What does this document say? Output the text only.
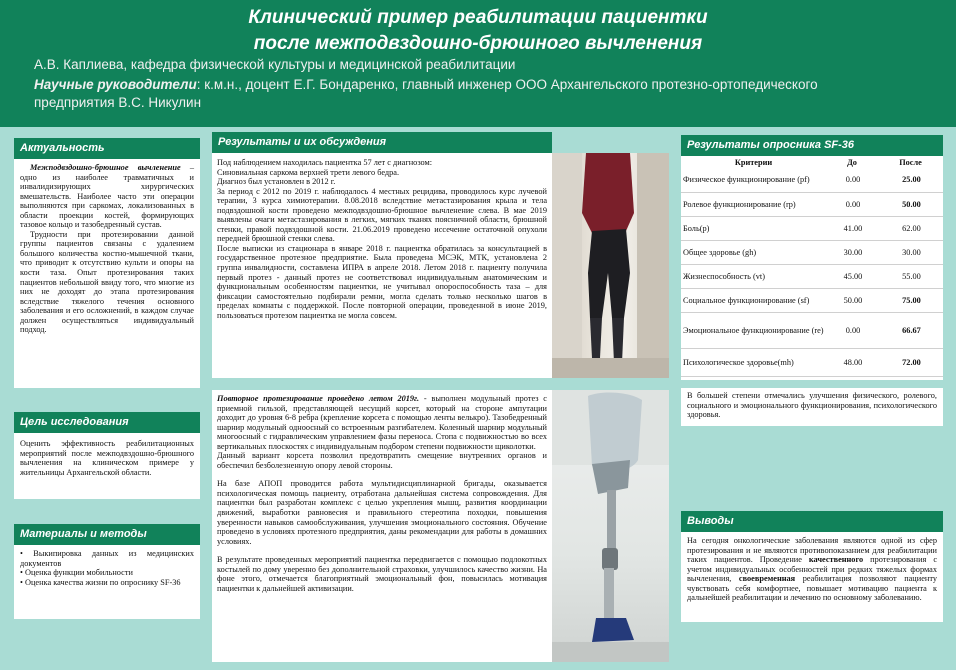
Клинический пример реабилитации пациентки
после межподвздошно-брюшного вычленения
А.В. Каплиева, кафедра физической культуры и медицинской реабилитации
Научные руководители: к.м.н., доцент Е.Г. Бондаренко, главный инженер ООО Архангельского протезно-ортопедического
предприятия В.С. Никулин
Актуальность

Межподвздошно-брюшное вычленение – одно из наиболее травматичных и инвалидизирующих хирургических вмешательств. Наиболее часто эти операции выполняются при саркомах, локализованных в области проекции костей, формирующих тазовое кольцо и тазобедренный сустав.

Трудности при протезировании данной группы пациентов связаны с удалением большого количества костно-мышечной ткани, что приводит к отсутствию культи и опоры на кости таза. Опыт протезирования таких пациентов небольшой ввиду того, что многие из них не доходят до этапа протезирования вследствие тяжелого течения основного заболевания и его осложнений, в каждом случае должен осуществляться индивидуальный подход.

Цель исследования

Оценить эффективность реабилитационных мероприятий после межподвздошно-брюшного вычленения на клиническом примере у жительницы Архангельской области.

Материалы и методы
• Выкипировка данных из медицинских документов
• Оценка функции мобильности
• Оценка качества жизни по опроснику SF-36
Результаты и их обсуждения

Под наблюдением находилась пациентка 57 лет с диагнозом:

Синовиальная саркома верхней трети левого бедра.

Диагноз был установлен в 2012 г.

За период с 2012 по 2019 г. наблюдалось 4 местных рецидива, проводилось курс лучевой терапии, 3 курса химиотерапии. 8.08.2018 вследствие метастазирования крыла и тела подвздошной кости проведено межподвздошно-брюшное вычленение слева. В мае 2019 выявлены очаги метастазирования в легких, мягких тканях поясничной области, брюшной стенки, правой подвздошной кости. 21.06.2019 проведено иссечение остаточной опухоли передней брюшной стенки слева.

После выписки из стационара в январе 2018 г. пациентка обратилась за консультацией в государственное протезное предприятие. Была проведена МСЭК, МТК, установлена 2 группа инвалидности, составлена ИПРА в апреле 2018. Летом 2018 г. пациенту получила первый протез - данный протез не соответствовал индивидуальным анатомическим и функциональным особенностям пациентки, не учитывал опороспособность таза – для фиксации самостоятельно подбирали ремни, могла сделать только несколько шагов в пределах комнаты с поддержкой. После повторной операции, проведенной в июне 2019, пользоваться протезом пациентка не могла совсем.

Повторное протезирование проведено летом 2019г. - выполнен модульный протез с приемной гильзой, представляющей несущий корсет, который на стороне ампутации доходит до уровня 6-8 ребра (крепление корсета с помощью ленты велькро). Тазобедренный шарнир модульный одноосный со встроенным разгибателем. Коленный шарнир модульный многоосный с гидравлическим управлением фазы переноса. Стопа с подвижностью во всех вертикальных плоскостях с индивидуальным подбором степени подвижности щиколотки.

Данный вариант корсета позволил предотвратить смещение внутренних органов и обеспечил безболезненную опору левой стороны.

На базе АПОП проводится работа мультидисциплинарной бригады, оказывается психологическая помощь пациенту, отработана дальнейшая система сопровождения. Для пациентки был разработан комплекс с целью укрепления мышц, развития координации движений, выработки равновесия и правильного стереотипа походки, повышения уверенности навыков самообслуживания, улучшения эмоционального состояния. Обучение проведено в условиях протезного предприятия, даны рекомендации для работы в домашних условиях.

В результате проведенных мероприятий пациентка передвигается с помощью подлокотных костылей по дому уверенно без дополнительной страховки, улучшилось качество жизни. На фоне этого, отмечается благоприятный эмоциональный фон, повысилась мотивация пациентки к дальнейшей активизации.

Результаты опросника SF-36
Критерии	До	После
Физическое функционирование (pf)	0.00	25.00
Ролевое функционирование (rp)	0.00	50.00
Боль(p)	41.00	62.00
Общее здоровье (gh)	30.00	30.00
Жизнеспособность (vt)	45.00	55.00
Социальное функционирование (sf)	50.00	75.00
Эмоциональное функционирование (re)	0.00	66.67
Психологическое здоровье(mh)	48.00	72.00

В большей степени отмечались улучшения физического, ролевого, социального и эмоционального функционирования, психологического здоровья.

Выводы

На сегодня онкологические заболевания являются одной из сфер протезирования и не являются противопоказанием для реабилитации таких пациентов. Проведение качественного протезирования с учетом индивидуальных особенностей при редких тяжелых формах вычленения, своевременная реабилитация позволяют пациенту чувствовать себя комфортнее, повышает мотивацию пациента к дальнейшей реабилитации и лечению по основному заболеванию.
